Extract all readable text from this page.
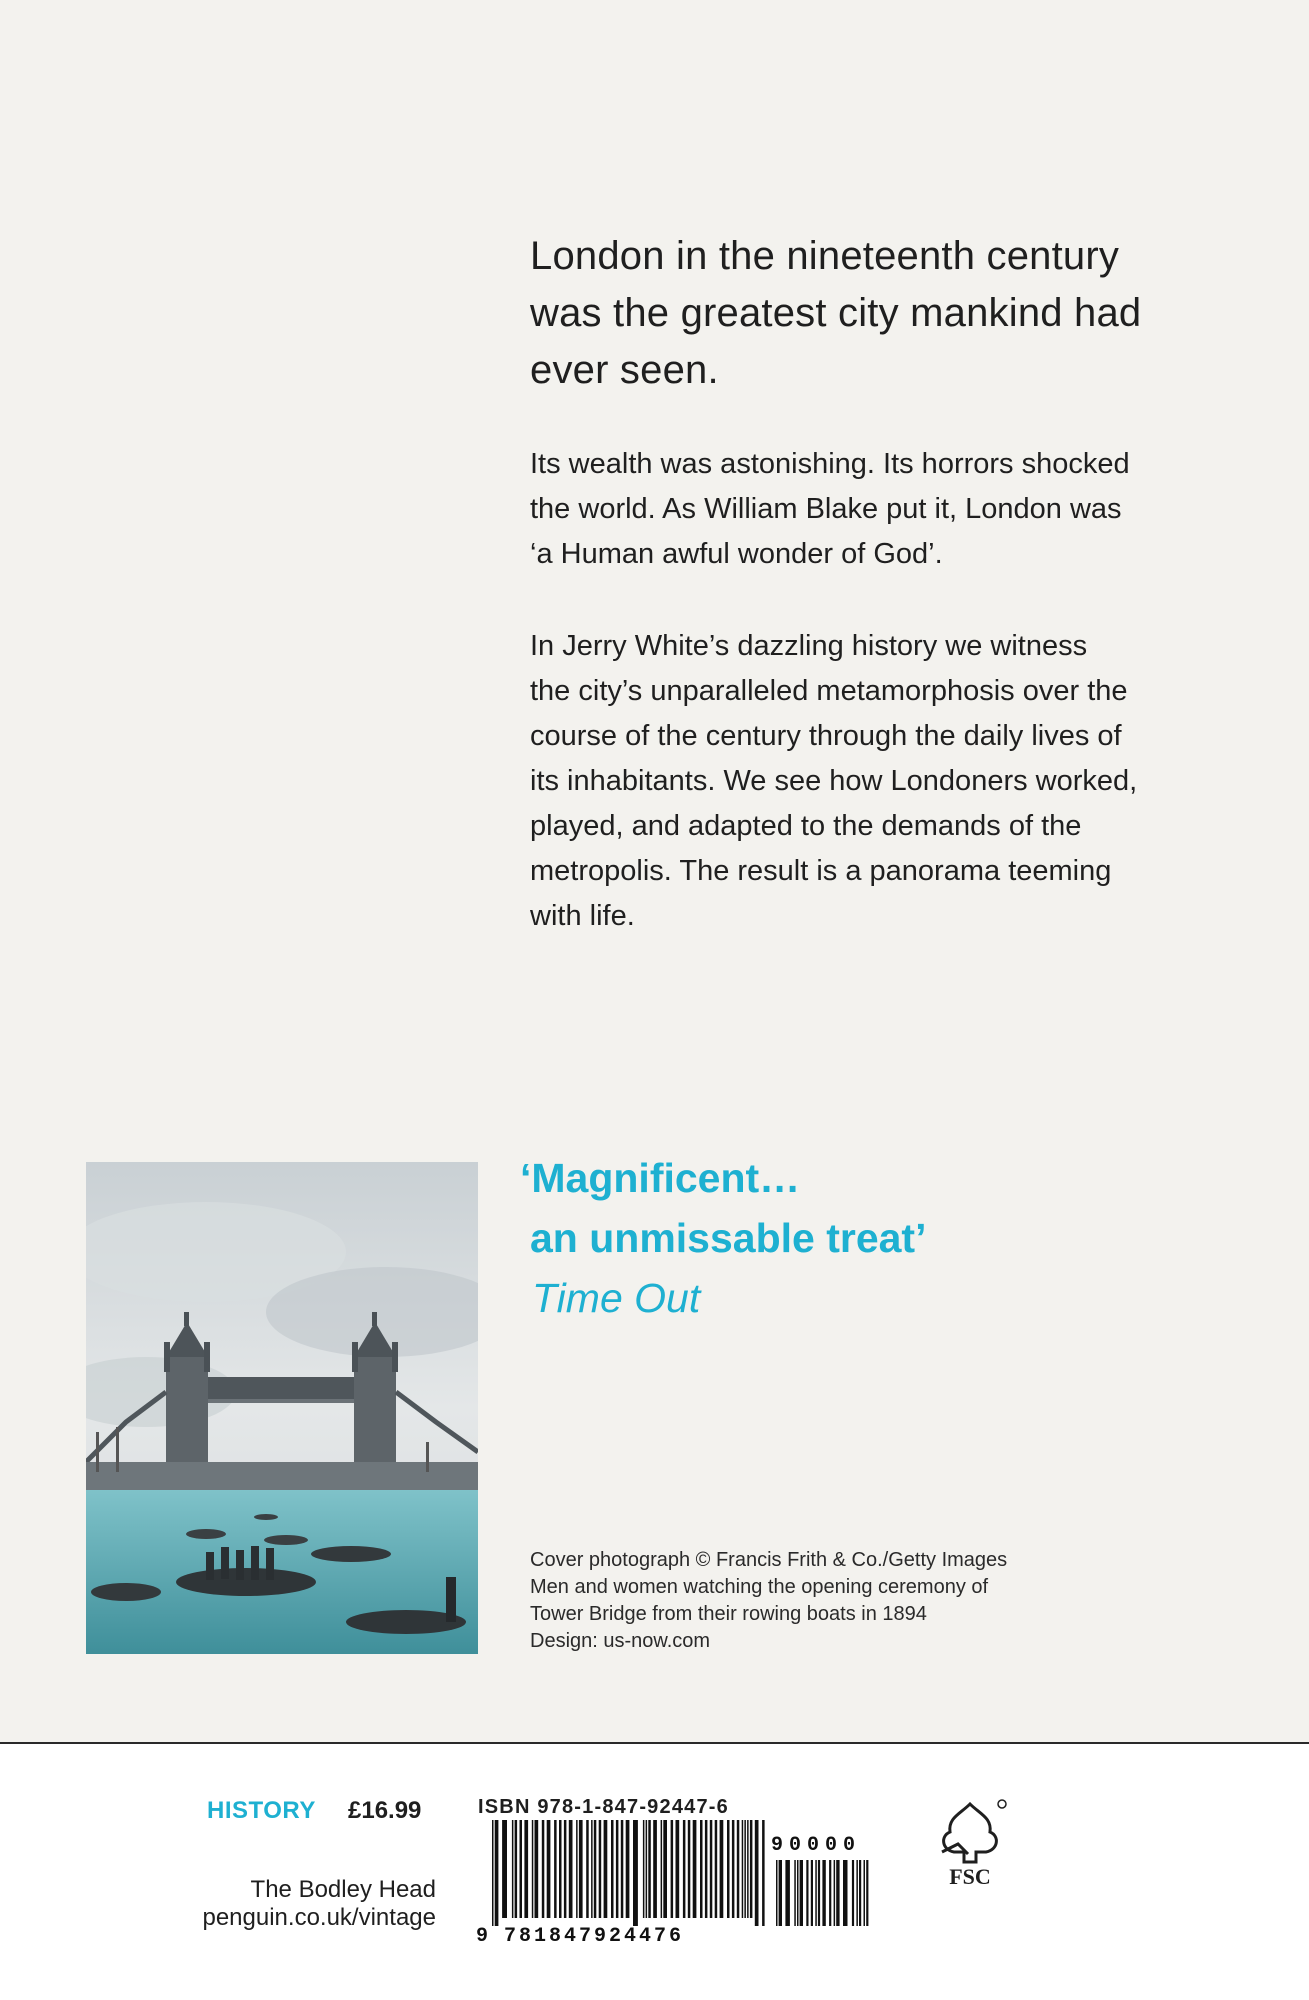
London in the nineteenth century
was the greatest city mankind had
ever seen.
Its wealth was astonishing. Its horrors shocked
the world. As William Blake put it, London was
‘a Human awful wonder of God’.
In Jerry White’s dazzling history we witness
the city’s unparalleled metamorphosis over the
course of the century through the daily lives of
its inhabitants. We see how Londoners worked,
played, and adapted to the demands of the
metropolis. The result is a panorama teeming
with life.
‘Magnificent…
an unmissable treat’
Time Out
Cover photograph © Francis Frith & Co./Getty Images
Men and women watching the opening ceremony of
Tower Bridge from their rowing boats in 1894
Design: us-now.com
HISTORY £16.99
The Bodley Head
penguin.co.uk/vintage
ISBN 978-1-847-92447-6
9 781847924476
90000
FSC
